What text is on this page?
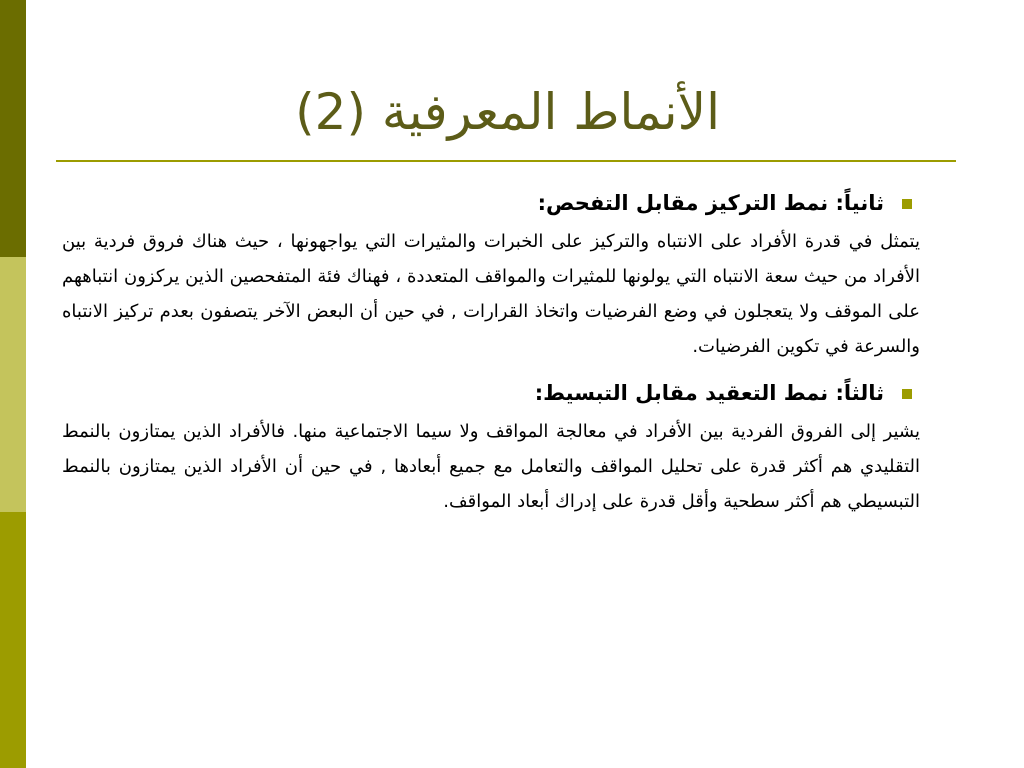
الأنماط المعرفية (2)
ثانياً: نمط التركيز مقابل التفحص:

يتمثل في قدرة الأفراد على الانتباه والتركيز على الخبرات والمثيرات التي يواجهونها ، حيث هناك فروق فردية بين الأفراد من حيث سعة الانتباه التي يولونها للمثيرات والمواقف المتعددة ، فهناك فئة المتفحصين الذين يركزون انتباههم على الموقف ولا يتعجلون في وضع الفرضيات واتخاذ القرارات , في حين أن البعض الآخر يتصفون بعدم تركيز الانتباه والسرعة في تكوين الفرضيات.

ثالثاً: نمط التعقيد مقابل التبسيط:

يشير إلى الفروق الفردية بين الأفراد في معالجة المواقف ولا سيما الاجتماعية منها. فالأفراد الذين يمتازون بالنمط التقليدي هم أكثر قدرة على تحليل المواقف والتعامل مع جميع أبعادها , في حين أن الأفراد الذين يمتازون بالنمط التبسيطي هم أكثر سطحية وأقل قدرة على إدراك أبعاد المواقف.
